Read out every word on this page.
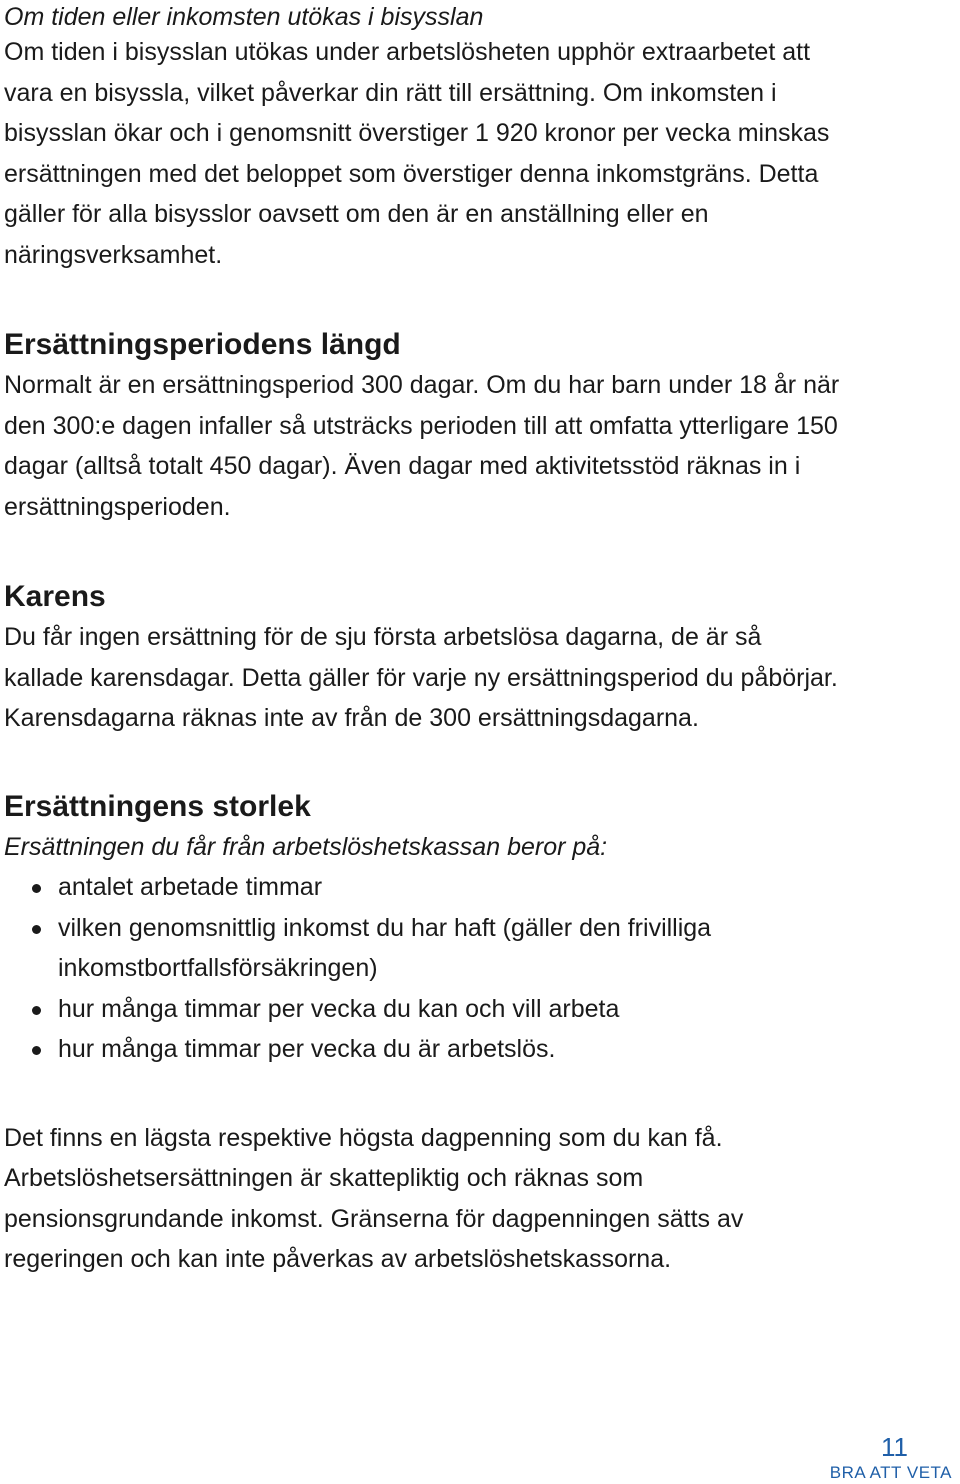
Om tiden eller inkomsten utökas i bisysslan

Om tiden i bisysslan utökas under arbetslösheten upphör extraarbetet att vara en bisyssla, vilket påverkar din rätt till ersättning. Om inkomsten i bisysslan ökar och i genomsnitt överstiger 1 920 kronor per vecka minskas ersättningen med det beloppet som överstiger denna inkomstgräns. Detta gäller för alla bisysslor oavsett om den är en anställning eller en näringsverksamhet.

Ersättningsperiodens längd

Normalt är en ersättningsperiod 300 dagar. Om du har barn under 18 år när den 300:e dagen infaller så utsträcks perioden till att omfatta ytterligare 150 dagar (alltså totalt 450 dagar). Även dagar med aktivitetsstöd räknas in i ersättningsperioden.

Karens

Du får ingen ersättning för de sju första arbetslösa dagarna, de är så kallade karensdagar. Detta gäller för varje ny ersättningsperiod du påbörjar. Karensdagarna räknas inte av från de 300 ersättningsdagarna.

Ersättningens storlek

Ersättningen du får från arbetslöshetskassan beror på:

antalet arbetade timmar
vilken genomsnittlig inkomst du har haft (gäller den frivilliga inkomstbortfallsförsäkringen)
hur många timmar per vecka du kan och vill arbeta
hur många timmar per vecka du är arbetslös.

Det finns en lägsta respektive högsta dagpenning som du kan få. Arbetslöshetsersättningen är skattepliktig och räknas som pensionsgrundande inkomst. Gränserna för dagpenningen sätts av regeringen och kan inte påverkas av arbetslöshetskassorna.

11
BRA ATT VETA
